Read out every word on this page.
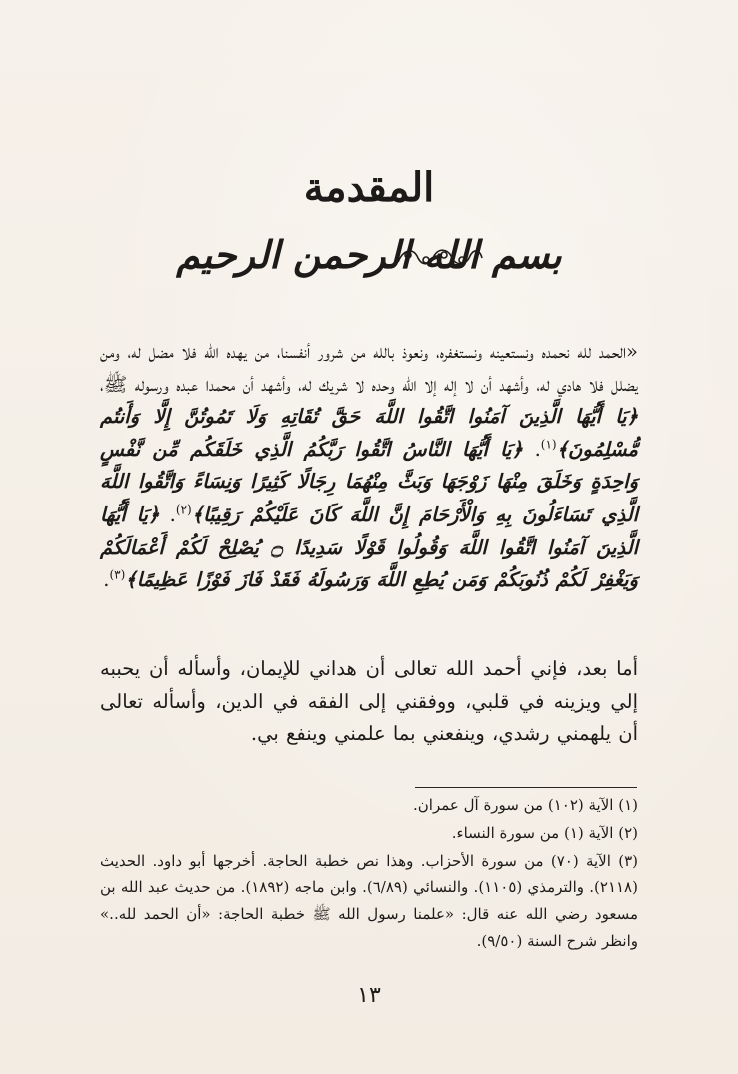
المقدمة
بسم الله الرحمن الرحيم
«الحمد لله نحمده ونستعينه ونستغفره، ونعوذ بالله من شرور أنفسنا، من يهده الله فلا مضل له، ومن يضلل فلا هادي له، وأشهد أن لا إله إلا الله وحده لا شريك له، وأشهد أن محمدا عبده ورسوله ﷺ، ﴿يَا أَيُّهَا الَّذِينَ آمَنُوا اتَّقُوا اللَّهَ حَقَّ تُقَاتِهِ وَلَا تَمُوتُنَّ إِلَّا وَأَنتُم مُّسْلِمُونَ﴾$^{(١)}$. ﴿يَا أَيُّهَا النَّاسُ اتَّقُوا رَبَّكُمُ الَّذِي خَلَقَكُم مِّن نَّفْسٍ وَاحِدَةٍ وَخَلَقَ مِنْهَا زَوْجَهَا وَبَثَّ مِنْهُمَا رِجَالًا كَثِيرًا وَنِسَاءً وَاتَّقُوا اللَّهَ الَّذِي تَسَاءَلُونَ بِهِ وَالْأَرْحَامَ إِنَّ اللَّهَ كَانَ عَلَيْكُمْ رَقِيبًا﴾$^{(٢)}$. ﴿يَا أَيُّهَا الَّذِينَ آمَنُوا اتَّقُوا اللَّهَ وَقُولُوا قَوْلًا سَدِيدًا ۝ يُصْلِحْ لَكُمْ أَعْمَالَكُمْ وَيَغْفِرْ لَكُمْ ذُنُوبَكُمْ وَمَن يُطِعِ اللَّهَ وَرَسُولَهُ فَقَدْ فَازَ فَوْزًا عَظِيمًا﴾$^{(٣)}$.
أما بعد، فإني أحمد الله تعالى أن هداني للإيمان، وأسأله أن يحببه إلي ويزينه في قلبي، ووفقني إلى الفقه في الدين، وأسأله تعالى أن يلهمني رشدي، وينفعني بما علمني وينفع بي.

(١) الآية (١٠٢) من سورة آل عمران.

(٢) الآية (١) من سورة النساء.

(٣) الآية (٧٠) من سورة الأحزاب. وهذا نص خطبة الحاجة. أخرجها أبو داود. الحديث (٢١١٨). والترمذي (١١٠٥). والنسائي (٦/٨٩). وابن ماجه (١٨٩٢). من حديث عبد الله بن مسعود رضي الله عنه قال: «علمنا رسول الله ﷺ خطبة الحاجة: «أن الحمد لله..» وانظر شرح السنة (٩/٥٠).

١٣
